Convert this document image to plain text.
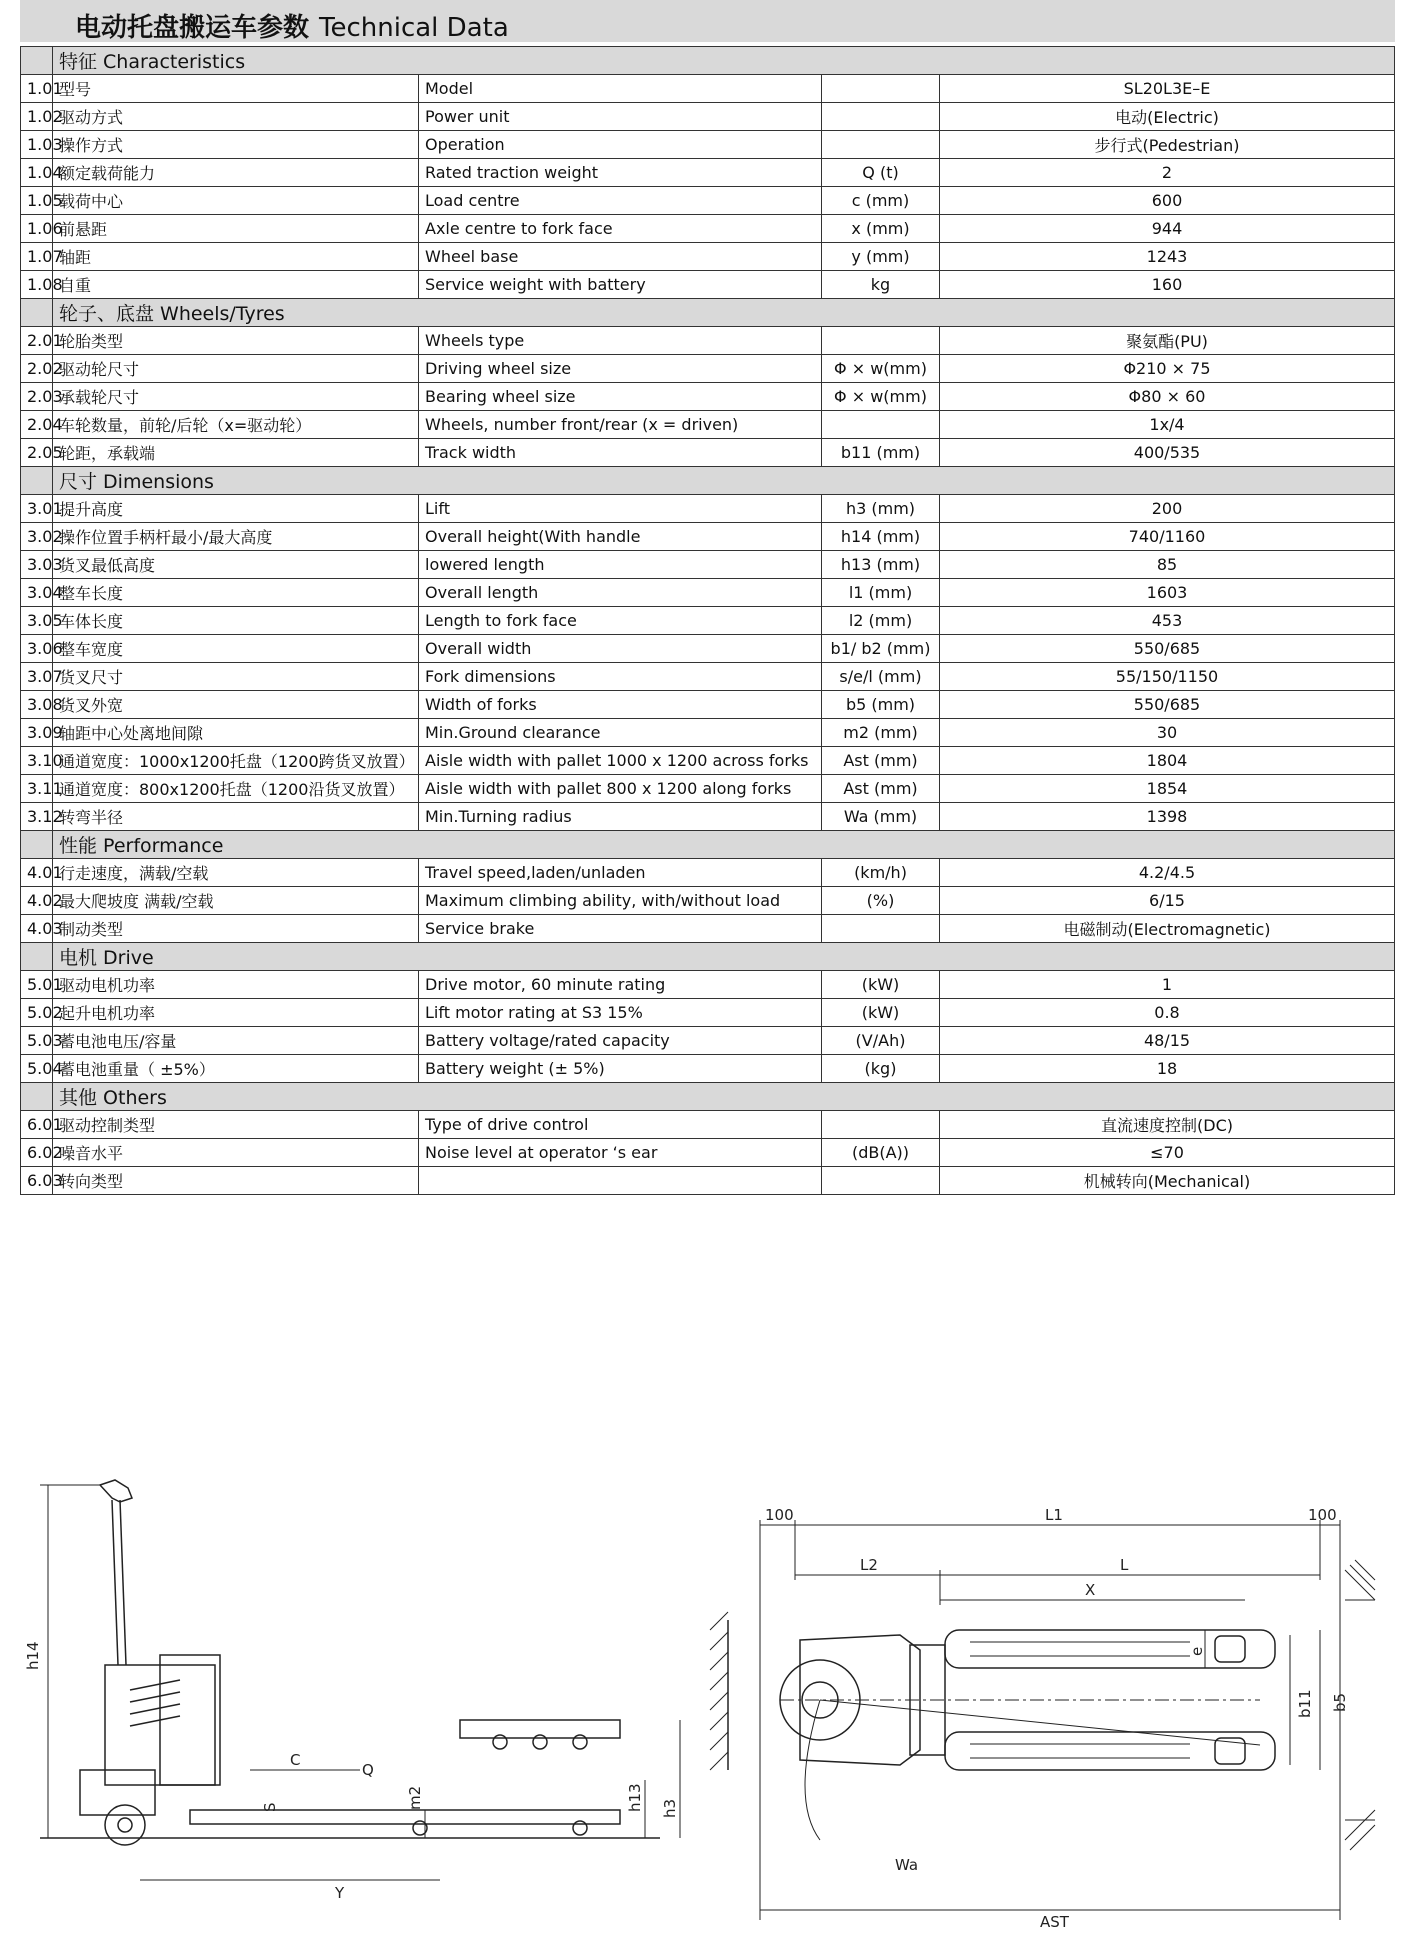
电动托盘搬运车参数 Technical Data
	特征 Characteristics			
1.01	型号	Model		SL20L3E–E
1.02	驱动方式	Power unit		电动(Electric)
1.03	操作方式	Operation		步行式(Pedestrian)
1.04	额定载荷能力	Rated traction weight	Q (t)	2
1.05	载荷中心	Load centre	c (mm)	600
1.06	前悬距	Axle centre to fork face	x (mm)	944
1.07	轴距	Wheel base	y (mm)	1243
1.08	自重	Service weight with battery	kg	160
	轮子、底盘 Wheels/Tyres			
2.01	轮胎类型	Wheels type		聚氨酯(PU)
2.02	驱动轮尺寸	Driving wheel size	Φ × w(mm)	Φ210 × 75
2.03	承载轮尺寸	Bearing wheel size	Φ × w(mm)	Φ80 × 60
2.04	车轮数量，前轮/后轮（x=驱动轮）	Wheels, number front/rear (x = driven)		1x/4
2.05	轮距，承载端	Track width	b11 (mm)	400/535
	尺寸 Dimensions			
3.01	提升高度	Lift	h3 (mm)	200
3.02	操作位置手柄杆最小/最大高度	Overall height(With handle	h14 (mm)	740/1160
3.03	货叉最低高度	lowered length	h13 (mm)	85
3.04	整车长度	Overall length	l1 (mm)	1603
3.05	车体长度	Length to fork face	l2 (mm)	453
3.06	整车宽度	Overall width	b1/ b2 (mm)	550/685
3.07	货叉尺寸	Fork dimensions	s/e/l (mm)	55/150/1150
3.08	货叉外宽	Width of forks	b5 (mm)	550/685
3.09	轴距中心处离地间隙	Min.Ground clearance	m2 (mm)	30
3.10	通道宽度：1000x1200托盘（1200跨货叉放置）	Aisle width with pallet 1000 x 1200 across forks	Ast (mm)	1804
3.11	通道宽度：800x1200托盘（1200沿货叉放置）	Aisle width with pallet 800 x 1200 along forks	Ast (mm)	1854
3.12	转弯半径	Min.Turning radius	Wa (mm)	1398
	性能 Performance			
4.01	行走速度，满载/空载	Travel speed,laden/unladen	(km/h)	4.2/4.5
4.02	最大爬坡度 满载/空载	Maximum climbing ability, with/without load	(%)	6/15
4.03	制动类型	Service brake		电磁制动(Electromagnetic)
	电机 Drive			
5.01	驱动电机功率	Drive motor, 60 minute rating	(kW)	1
5.02	起升电机功率	Lift motor rating at S3 15%	(kW)	0.8
5.03	蓄电池电压/容量	Battery voltage/rated capacity	(V/Ah)	48/15
5.04	蓄电池重量（ ±5%）	Battery weight (± 5%)	(kg)	18
	其他 Others			
6.01	驱动控制类型	Type of drive control		直流速度控制(DC)
6.02	噪音水平	Noise level at operator ‘s ear	(dB(A))	≤70
6.03	转向类型			机械转向(Mechanical)
h14
C
Q
S	m2	h13 h3
Y
100	L1	100
L2	L
X
e
b11 b5
Wa
AST
